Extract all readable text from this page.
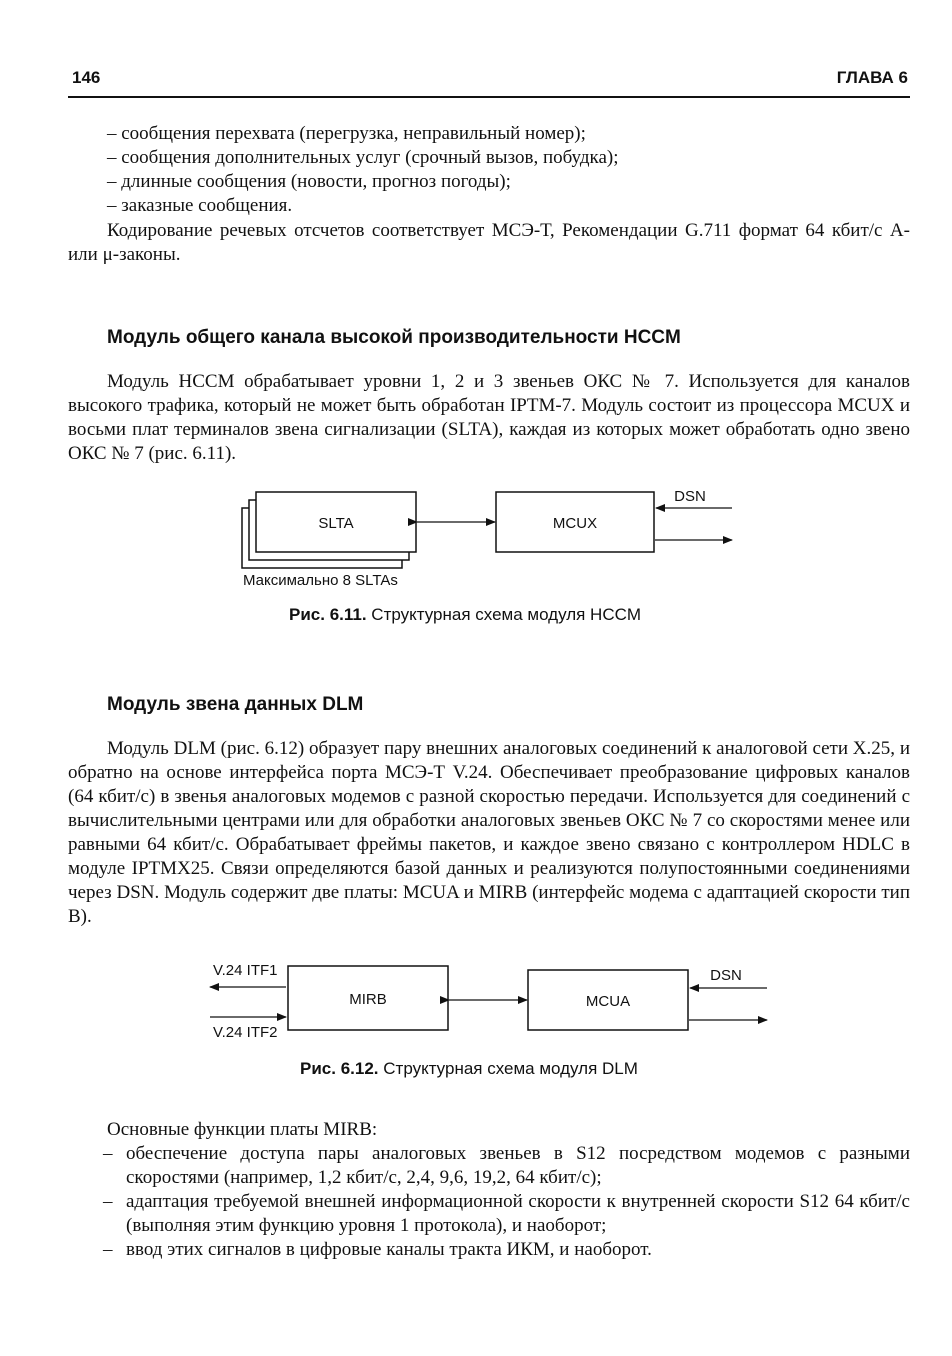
146	ГЛАВА 6
– сообщения перехвата (перегрузка, неправильный номер);
– сообщения дополнительных услуг (срочный вызов, побудка);
– длинные сообщения (новости, прогноз погоды);
– заказные сообщения.
Кодирование речевых отсчетов соответствует МСЭ-Т, Рекомендации G.711 формат 64 кбит/с А- или μ-законы.
Модуль общего канала высокой производительности HCCM
Модуль HCCM обрабатывает уровни 1, 2 и 3 звеньев ОКС № 7. Используется для каналов высокого трафика, который не может быть обработан IPTM-7. Модуль состоит из процессора MCUX и восьми плат терминалов звена сигнализации (SLTA), каждая из которых может обработать одно звено ОКС № 7 (рис. 6.11).
SLTA	MCUX
DSN
Максимально 8 SLTAs
MIRB	MCUA
V.24 ITF1
V.24 ITF2
DSN
Рис. 6.11. Структурная схема модуля HCCM
Модуль звена данных DLM
Модуль DLM (рис. 6.12) образует пару внешних аналоговых соединений к аналоговой сети X.25, и обратно на основе интерфейса порта МСЭ-Т V.24. Обеспечивает преобразование цифровых каналов (64 кбит/с) в звенья аналоговых модемов с разной скоростью передачи. Используется для соединений с вычислительными центрами или для обработки аналоговых звеньев ОКС № 7 со скоростями менее или равными 64 кбит/с. Обрабатывает фреймы пакетов, и каждое звено связано с контроллером HDLC в модуле IPTMX25. Связи определяются базой данных и реализуются полупостоянными соединениями через DSN. Модуль содержит две платы: MCUA и MIRB (интерфейс модема с адаптацией скорости тип B).
Рис. 6.12. Структурная схема модуля DLM
Основные функции платы MIRB:
– обеспечение доступа пары аналоговых звеньев в S12 посредством модемов с разными скоростями (например, 1,2 кбит/с, 2,4, 9,6, 19,2, 64 кбит/с);
– адаптация требуемой внешней информационной скорости к внутренней скорости S12 64 кбит/с (выполняя этим функцию уровня 1 протокола), и наоборот;
– ввод этих сигналов в цифровые каналы тракта ИКМ, и наоборот.
